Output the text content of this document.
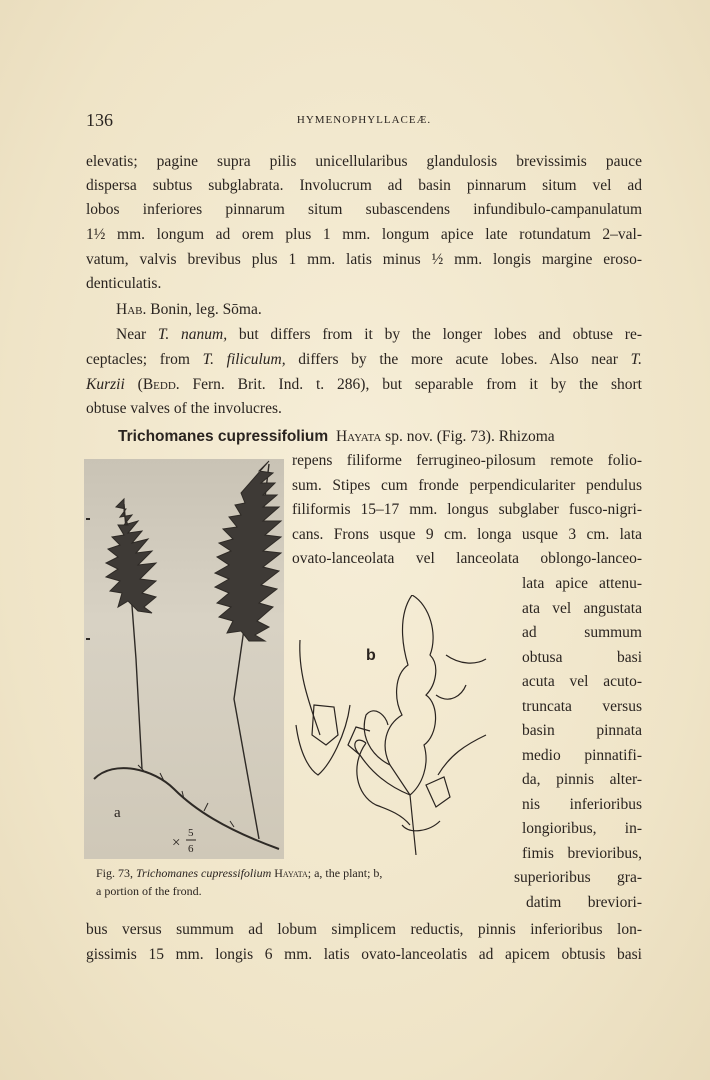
136	HYMENOPHYLLACEÆ.
elevatis; pagine supra pilis unicellularibus glandulosis brevissimis pauce
dispersa subtus subglabrata. Involucrum ad basin pinnarum situm vel ad
lobos inferiores pinnarum situm subascendens infundibulo-campanulatum
1½ mm. longum ad orem plus 1 mm. longum apice late rotundatum 2–val-
vatum, valvis brevibus plus 1 mm. latis minus ½ mm. longis margine eroso-
denticulatis.
Hab. Bonin, leg. Sōma.
Near T. nanum, but differs from it by the longer lobes and obtuse re-
ceptacles; from T. filiculum, differs by the more acute lobes. Also near T.
Kurzii (Bedd. Fern. Brit. Ind. t. 286), but separable from it by the short
obtuse valves of the involucres.
Trichomanes cupressifolium Hayata sp. nov. (Fig. 73). Rhizoma
repens filiforme ferrugineo-pilosum remote folio-
sum. Stipes cum fronde perpendiculariter pendulus
filiformis 15–17 mm. longus subglaber fusco-nigri-
cans. Frons usque 9 cm. longa usque 3 cm. lata
ovato-lanceolata vel lanceolata oblongo-lanceo-
lata apice attenu-
ata vel angustata
ad summum
obtusa basi
acuta vel acuto-
truncata versus
basin pinnata
medio pinnatifi-
da, pinnis alter-
nis inferioribus
longioribus, in-
fimis brevioribus,
superioribus gra-
datim breviori-
bus versus summum ad lobum simplicem reductis, pinnis inferioribus lon-
gissimis 15 mm. longis 6 mm. latis ovato-lanceolatis ad apicem obtusis basi
a
×
5
6
b
Fig. 73, Trichomanes cupressifolium Hayata; a, the plant; b,
a portion of the frond.
